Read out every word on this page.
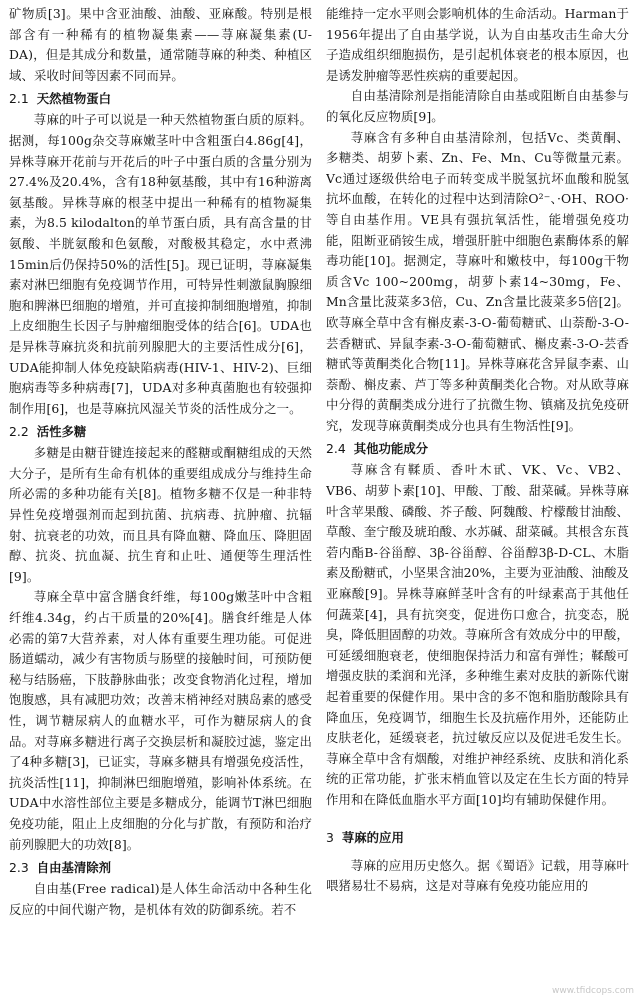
矿物质[3]。果中含亚油酸、油酸、亚麻酸。特别是根部含有一种稀有的植物凝集素——荨麻凝集素(U-DA)，但是其成分和数量，通常随荨麻的种类、种植区域、采收时间等因素不同而异。

2.1 天然植物蛋白

荨麻的叶子可以说是一种天然植物蛋白质的原料。据测，每100g杂交荨麻嫩茎叶中含粗蛋白4.86g[4]，异株荨麻开花前与开花后的叶子中蛋白质的含量分别为27.4%及20.4%，含有18种氨基酸，其中有16种游离氨基酸。异株荨麻的根茎中提出一种稀有的植物凝集素，为8.5 kilodalton的单节蛋白质，具有高含量的甘氨酸、半胱氨酸和色氨酸，对酸极其稳定，水中煮沸15min后仍保持50%的活性[5]。现已证明，荨麻凝集素对淋巴细胞有免疫调节作用，可特异性刺激鼠胸腺细胞和脾淋巴细胞的增殖，并可直接抑制细胞增殖，抑制上皮细胞生长因子与肿瘤细胞受体的结合[6]。UDA也是异株荨麻抗炎和抗前列腺肥大的主要活性成分[6]，UDA能抑制人体免疫缺陷病毒(HIV-1、HIV-2)、巨细胞病毒等多种病毒[7]，UDA对多种真菌胞也有较强抑制作用[6]，也是荨麻抗风湿关节炎的活性成分之一。

2.2 活性多糖

多糖是由糖苷键连接起来的醛糖或酮糖组成的天然大分子，是所有生命有机体的重要组成成分与维持生命所必需的多种功能有关[8]。植物多糖不仅是一种非特异性免疫增强剂而起到抗菌、抗病毒、抗肿瘤、抗辐射、抗衰老的功效，而且具有降血糖、降血压、降胆固醇、抗炎、抗血凝、抗生育和止吐、通便等生理活性[9]。

荨麻全草中富含膳食纤维，每100g嫩茎叶中含粗纤维4.34g，约占干质量的20%[4]。膳食纤维是人体必需的第7大营养素，对人体有重要生理功能。可促进肠道蠕动，减少有害物质与肠壁的接触时间，可预防便秘与结肠癌，下肢静脉曲张；改变食物消化过程，增加饱腹感，具有减肥功效；改善末梢神经对胰岛素的感受性，调节糖尿病人的血糖水平，可作为糖尿病人的食品。对荨麻多糖进行离子交换层析和凝胶过滤，鉴定出了4种多糖[3]，已证实，荨麻多糖具有增强免疫活性，抗炎活性[11]，抑制淋巴细胞增殖，影响补体系统。在UDA中水溶性部位主要是多糖成分，能调节T淋巴细胞免疫功能，阻止上皮细胞的分化与扩散，有预防和治疗前列腺肥大的功效[8]。

2.3 自由基清除剂

自由基(Free radical)是人体生命活动中各种生化反应的中间代谢产物，是机体有效的防御系统。若不

能维持一定水平则会影响机体的生命活动。Harman于1956年提出了自由基学说，认为自由基攻击生命大分子造成组织细胞损伤，是引起机体衰老的根本原因，也是诱发肿瘤等恶性疾病的重要起因。

自由基清除剂是指能清除自由基或阻断自由基参与的氧化反应物质[9]。

荨麻含有多种自由基清除剂，包括Vc、类黄酮、多糖类、胡萝卜素、Zn、Fe、Mn、Cu等微量元素。Vc通过逐级供给电子而转变成半脱氢抗坏血酸和脱氢抗坏血酸，在转化的过程中达到清除O²⁻、·OH、ROO·等自由基作用。VE具有强抗氧活性，能增强免疫功能，阻断亚硝铵生成，增强肝脏中细胞色素酶体系的解毒功能[10]。据测定，荨麻叶和嫩枝中，每100g干物质含Vc 100~200mg，胡萝卜素14~30mg，Fe、Mn含量比菠菜多3倍，Cu、Zn含量比菠菜多5倍[2]。欧荨麻全草中含有槲皮素-3-O-葡萄糖甙、山萘酚-3-O-芸香糖甙、异鼠李素-3-O-葡萄糖甙、槲皮素-3-O-芸香糖甙等黄酮类化合物[11]。异株荨麻花含异鼠李素、山萘酚、槲皮素、芦丁等多种黄酮类化合物。对从欧荨麻中分得的黄酮类成分进行了抗微生物、镇痛及抗免疫研究，发现荨麻黄酮类成分也具有生物活性[9]。

2.4 其他功能成分

荨麻含有鞣质、香叶木甙、VK、Vc、VB2、VB6、胡萝卜素[10]、甲酸、丁酸、甜菜碱。异株荨麻叶含苹果酸、磷酸、芥子酸、阿魏酸、柠檬酸甘油酸、草酸、奎宁酸及琥珀酸、水苏碱、甜菜碱。其根含东莨菪内酯B-谷甾醇、3β-谷甾醇、谷甾醇3β-D-CL、木脂素及酚糖甙，小坚果含油20%，主要为亚油酸、油酸及亚麻酸[9]。异株荨麻鲜茎叶含有的叶绿素高于其他任何蔬菜[4]，具有抗突变，促进伤口愈合，抗变态，脱臭，降低胆固醇的功效。荨麻所含有效成分中的甲酸，可延缓细胞衰老，使细胞保持活力和富有弹性；鞣酸可增强皮肤的柔润和光泽，多种维生素对皮肤的新陈代谢起着重要的保健作用。果中含的多不饱和脂肪酸除具有降血压，免疫调节，细胞生长及抗癌作用外，还能防止皮肤老化，延缓衰老，抗过敏反应以及促进毛发生长。荨麻全草中含有烟酸，对维护神经系统、皮肤和消化系统的正常功能，扩张末梢血管以及定在生长方面的特异作用和在降低血脂水平方面[10]均有辅助保健作用。

3 荨麻的应用

荨麻的应用历史悠久。据《蜀语》记载，用荨麻叶喂猪易壮不易病，这是对荨麻有免疫功能应用的

www.tfidcops.com
